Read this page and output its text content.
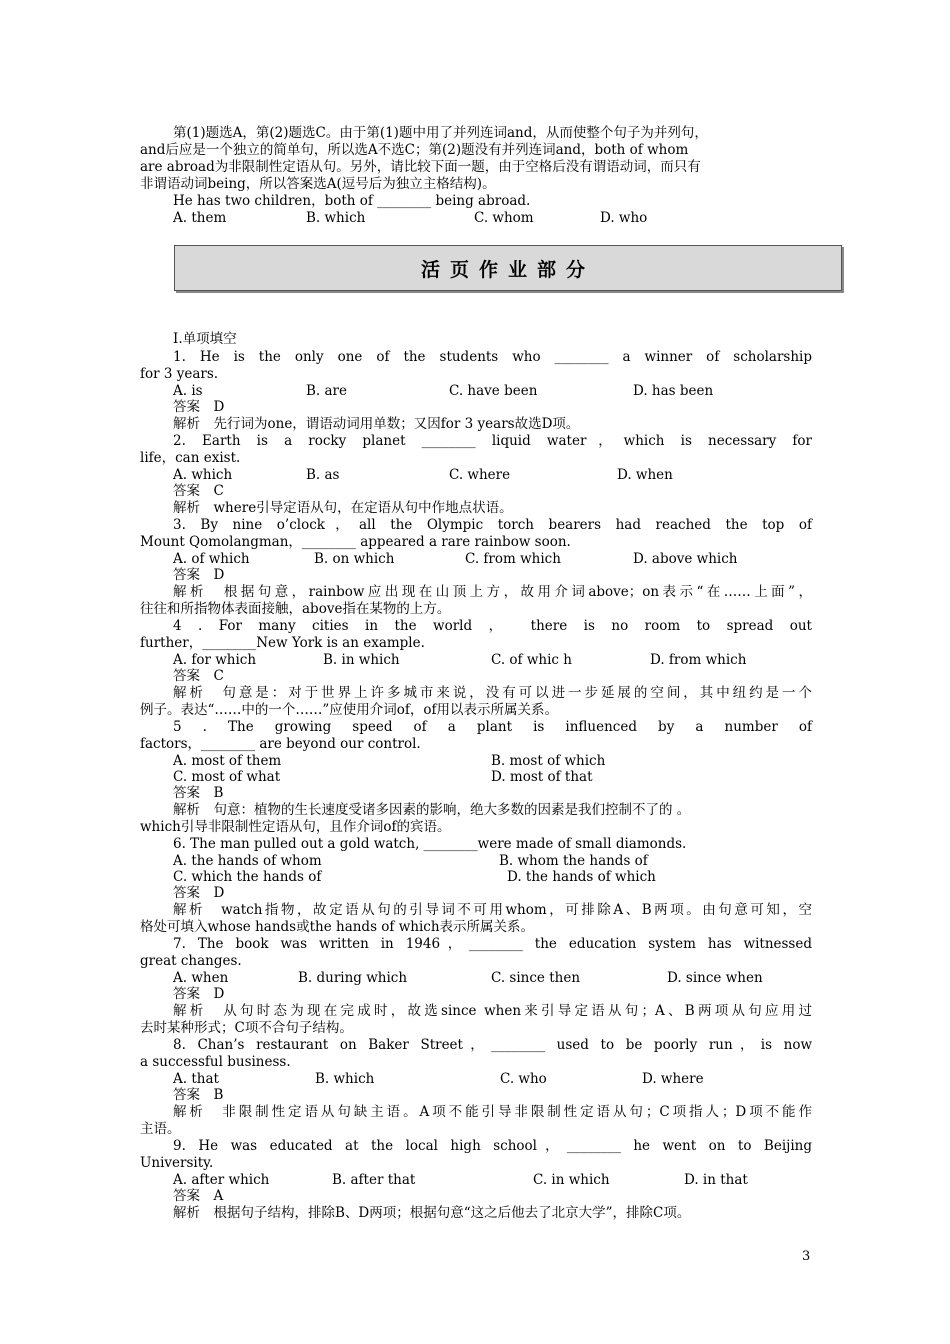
第(1)题选A，第(2)题选C。由于第(1)题中用了并列连词and，从而使整个句子为并列句，
and后应是一个独立的简单句，所以选A不选C；第(2)题没有并列连词and，both of whom
are abroad为非限制性定语从句。另外，请比较下面一题，由于空格后没有谓语动词，而只有
非谓语动词being，所以答案选A(逗号后为独立主格结构)。
He has two children，both of ________ being abroad.
A. them	B. which	C. whom	D. who
活页作业部分
Ⅰ.单项填空
1. He is the only one of the students who ________ a winner of scholarship
for 3 years.
A. is	B. are	C. have been	D. has been
答案　D
解析　先行词为one，谓语动词用单数；又因for 3 years故选D项。
2. Earth is a rocky planet ________ liquid water，which is necessary for
life，can exist.
A. which	B. as	C. where	D. when
答案　C
解析　where引导定语从句，在定语从句中作地点状语。
3. By nine o’clock，all the Olympic torch bearers had reached the top of
Mount Qomolangman，________ appeared a rare rainbow soon.
A. of which	B. on which	C. from which	D. above which
答案　D
解析　根据句意，rainbow应出现在山顶上方，故用介词above；on表示“在……上面”，
往往和所指物体表面接触，above指在某物的上方。
4 . For many cities in the world ， there is no room to spread out
further，________New York is an example.
A. for which	B. in which	C. of whic h	D. from which
答案　C
解析　句意是：对于世界上许多城市来说，没有可以进一步延展的空间，其中纽约是一个
例子。表达“……中的一个……”应使用介词of，of用以表示所属关系。
5 . The growing speed of a plant is influenced by a number of
factors，________ are beyond our control.
A. most of them	B. most of which
C. most of what	D. most of that
答案　B
解析　句意：植物的生长速度受诸多因素的影响，绝大多数的因素是我们控制不了的 。
which引导非限制性定语从句，且作介词of的宾语。
6. The man pulled out a gold watch, ________were made of small diamonds.
A. the hands of whom	B. whom the hands of
C. which the hands of	D. the hands of which
答案　D
解析　watch指物，故定语从句的引导词不可用whom，可排除A、B两项。由句意可知，空
格处可填入whose hands或the hands of which表示所属关系。
7. The book was written in 1946，________ the education system has witnessed
great changes.
A. when	B. during which	C. since then	D. since when
答案　D
解析　从句时态为现在完成时，故选since when来引导定语从句；A、B两项从句应用过
去时某种形式；C项不合句子结构。
8. Chan’s restaurant on Baker Street，________ used to be poorly run，is now
a successful business.
A. that	B. which	C. who	D. where
答案　B
解析　非限制性定语从句缺主语。A项不能引导非限制性定语从句；C项指人；D项不能作
主语。
9. He was educated at the local high school，________ he went on to Beijing
University.
A. after which	B. after that	C. in which	D. in that
答案　A
解析　根据句子结构，排除B、D两项；根据句意“这之后他去了北京大学”，排除C项。
3
